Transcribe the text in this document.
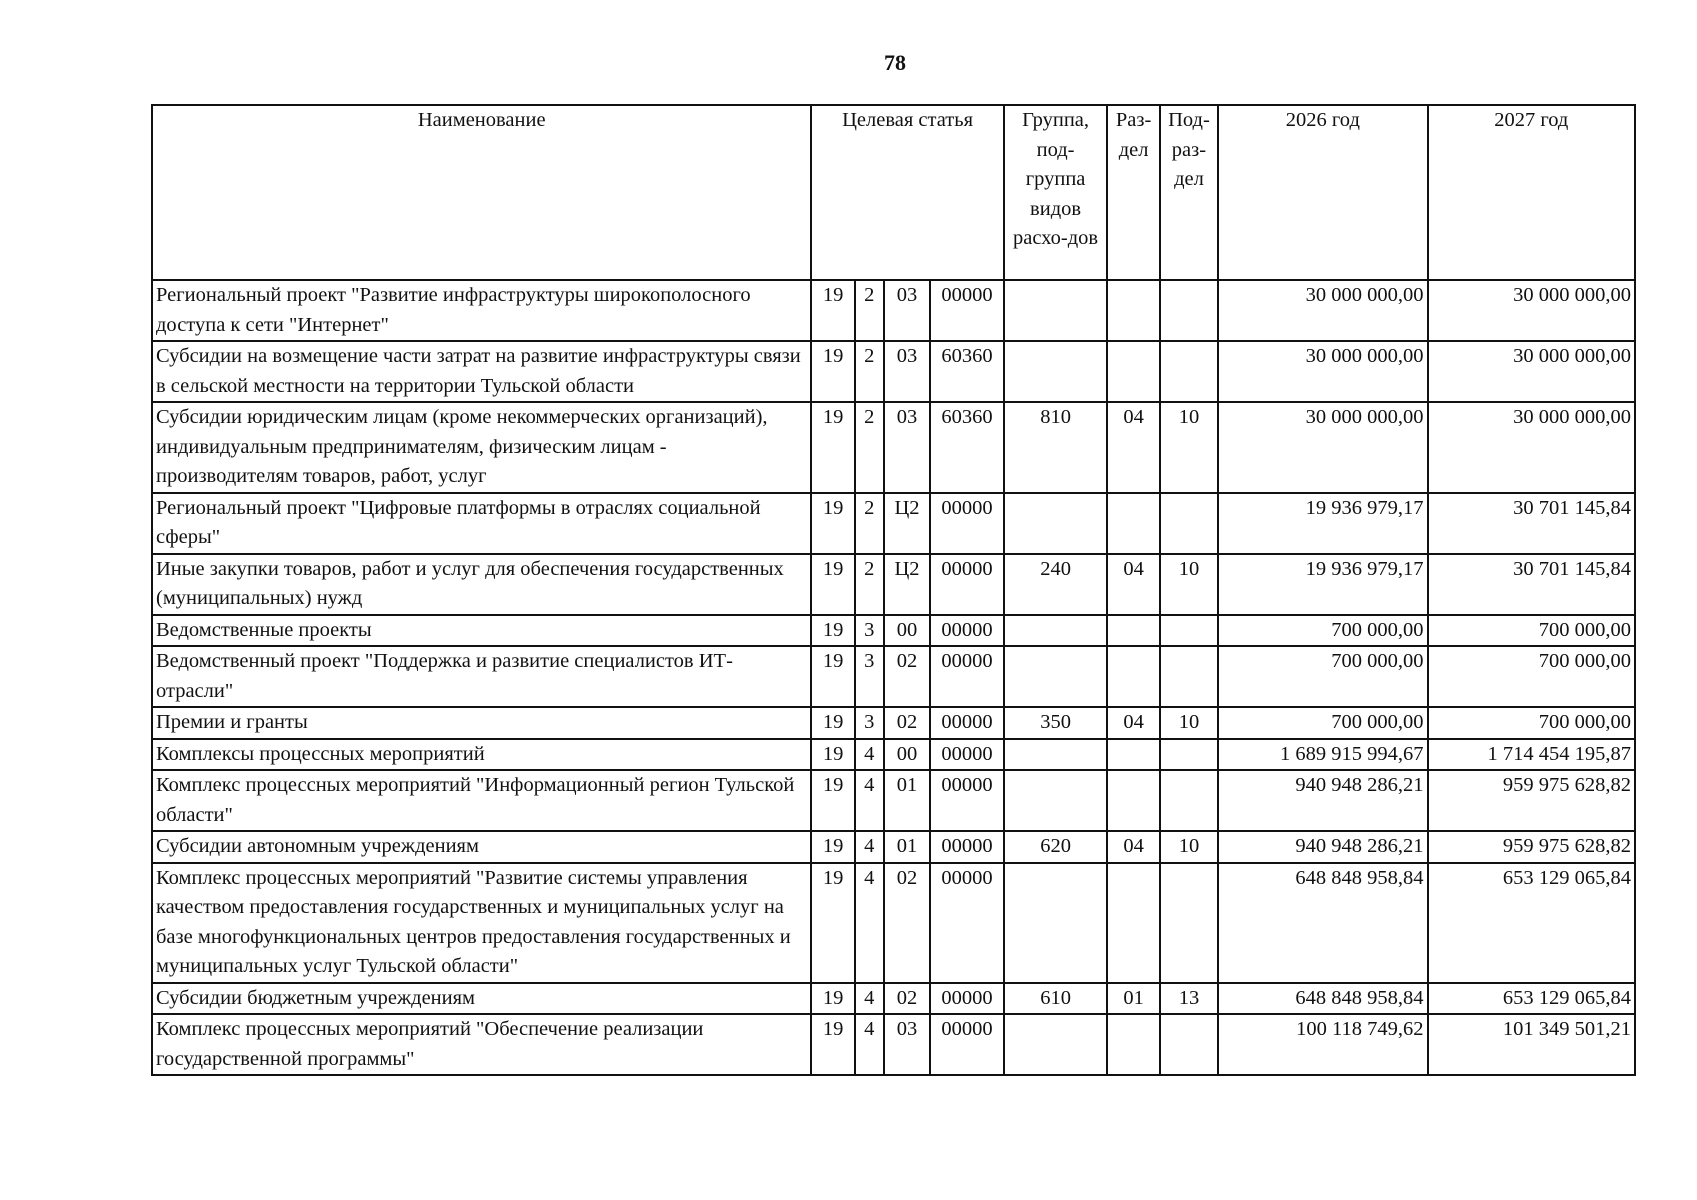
78
Наименование	Целевая статья				Группа, под-группа видов расхо-дов	Раз-дел	Под-раз-дел	2026 год	2027 год
Региональный проект "Развитие инфраструктуры широкополосного доступа к сети "Интернет"	19	2	03	00000				30 000 000,00	30 000 000,00
Субсидии на возмещение части затрат на развитие инфраструктуры связи в сельской местности на территории Тульской области	19	2	03	60360				30 000 000,00	30 000 000,00
Субсидии юридическим лицам (кроме некоммерческих организаций), индивидуальным предпринимателям, физическим лицам - производителям товаров, работ, услуг	19	2	03	60360	810	04	10	30 000 000,00	30 000 000,00
Региональный проект "Цифровые платформы в отраслях социальной сферы"	19	2	Ц2	00000				19 936 979,17	30 701 145,84
Иные закупки товаров, работ и услуг для обеспечения государственных (муниципальных) нужд	19	2	Ц2	00000	240	04	10	19 936 979,17	30 701 145,84
Ведомственные проекты	19	3	00	00000				700 000,00	700 000,00
Ведомственный проект "Поддержка и развитие специалистов ИТ-отрасли"	19	3	02	00000				700 000,00	700 000,00
Премии и гранты	19	3	02	00000	350	04	10	700 000,00	700 000,00
Комплексы процессных мероприятий	19	4	00	00000				1 689 915 994,67	1 714 454 195,87
Комплекс процессных мероприятий "Информационный регион Тульской области"	19	4	01	00000				940 948 286,21	959 975 628,82
Субсидии автономным учреждениям	19	4	01	00000	620	04	10	940 948 286,21	959 975 628,82
Комплекс процессных мероприятий "Развитие системы управления качеством предоставления государственных и муниципальных услуг на базе многофункциональных центров предоставления государственных и муниципальных услуг Тульской области"	19	4	02	00000				648 848 958,84	653 129 065,84
Субсидии бюджетным учреждениям	19	4	02	00000	610	01	13	648 848 958,84	653 129 065,84
Комплекс процессных мероприятий "Обеспечение реализации государственной программы"	19	4	03	00000				100 118 749,62	101 349 501,21
